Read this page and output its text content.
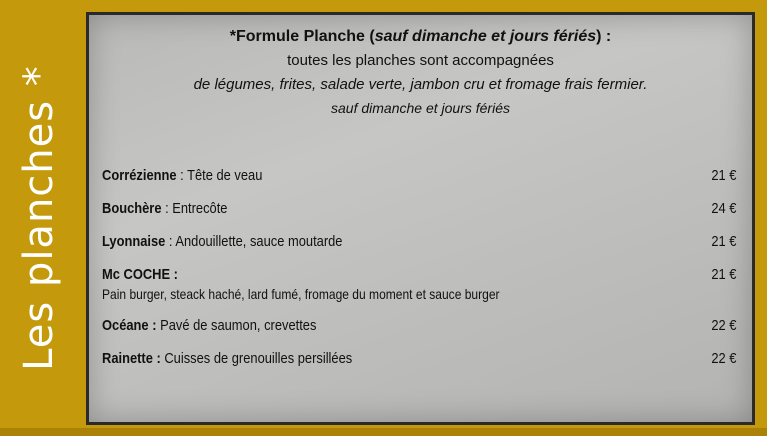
Les planches *
*Formule Planche (sauf dimanche et jours fériés) :
toutes les planches sont accompagnées
de légumes, frites, salade verte, jambon cru et fromage frais fermier.
sauf dimanche et jours fériés
Corrézienne : Tête de veau	21 €
Bouchère : Entrecôte	24 €
Lyonnaise : Andouillette, sauce moutarde	21 €
Mc COCHE :	21 €
Pain burger, steack haché, lard fumé, fromage du moment et sauce burger
Océane : Pavé de saumon, crevettes	22 €
Rainette : Cuisses de grenouilles persillées	22 €
